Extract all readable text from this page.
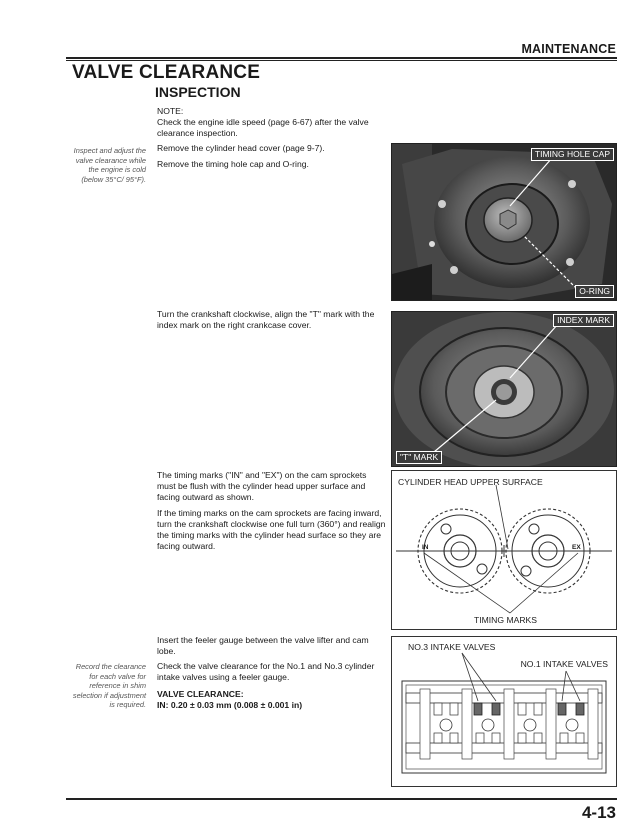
MAINTENANCE
VALVE CLEARANCE
INSPECTION
NOTE:
Check the engine idle speed (page 6-67) after the valve clearance inspection.
Inspect and adjust the valve clearance while the engine is cold (below 35°C/ 95°F).
Remove the cylinder head cover (page 9-7).
Remove the timing hole cap and O-ring.
TIMING HOLE CAP
O-RING
Turn the crankshaft clockwise, align the "T" mark with the index mark on the right crankcase cover.	INDEX MARK
"T" MARK
The timing marks ("IN" and "EX") on the cam sprockets must be flush with the cylinder head upper surface and facing outward as shown.
If the timing marks on the cam sprockets are facing inward, turn the crankshaft clockwise one full turn (360°) and realign the timing marks with the cylinder head surface so they are facing outward.
CYLINDER HEAD UPPER SURFACE
IN	EX
TIMING MARKS
Insert the feeler gauge between the valve lifter and cam lobe.
Record the clearance for each valve for reference in shim selection if adjustment is required.
Check the valve clearance for the No.1 and No.3 cylinder intake valves using a feeler gauge.
VALVE CLEARANCE:
IN: 0.20 ± 0.03 mm (0.008 ± 0.001 in)
NO.3 INTAKE VALVES
NO.1 INTAKE VALVES
4-13
